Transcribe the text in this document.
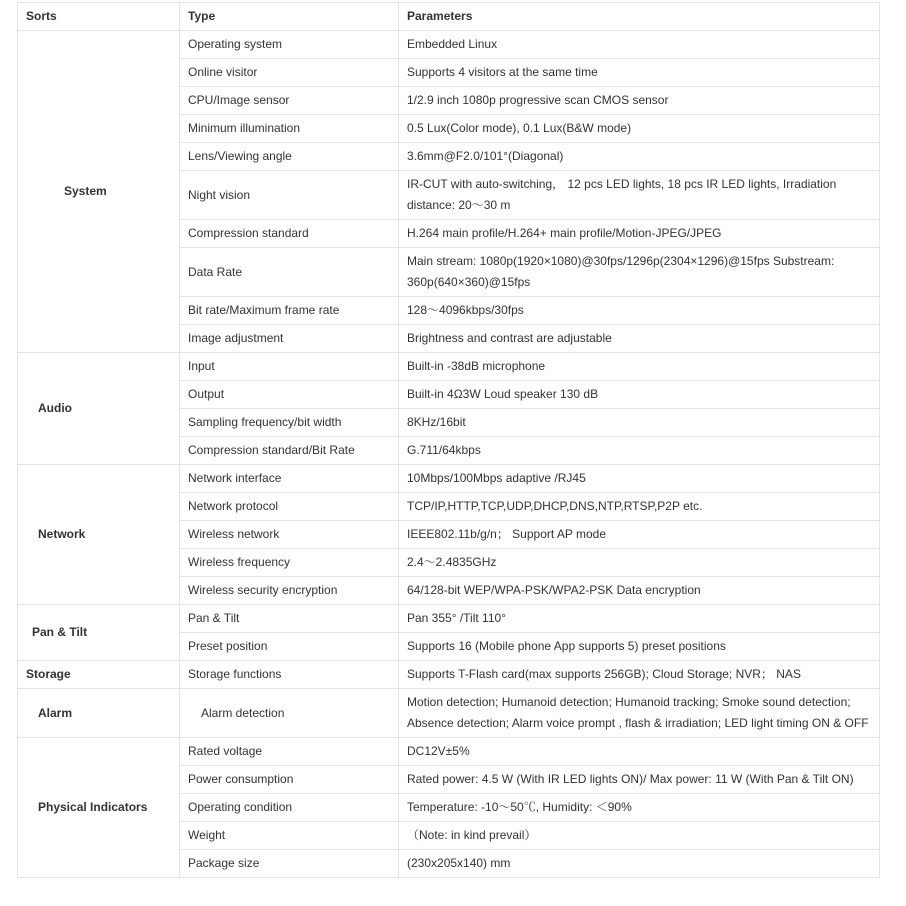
Sorts	Type	Parameters
System	Operating system	Embedded Linux
	Online visitor	Supports 4 visitors at the same time
	CPU/Image sensor	1/2.9 inch 1080p progressive scan CMOS sensor
	Minimum illumination	0.5 Lux(Color mode), 0.1 Lux(B&W mode)
	Lens/Viewing angle	3.6mm@F2.0/101°(Diagonal)
	Night vision	IR-CUT with auto-switching， 12 pcs LED lights, 18 pcs IR LED lights, Irradiation distance: 20～30 m
	Compression standard	H.264 main profile/H.264+ main profile/Motion-JPEG/JPEG
	Data Rate	Main stream: 1080p(1920×1080)@30fps/1296p(2304×1296)@15fps Substream: 360p(640×360)@15fps
	Bit rate/Maximum frame rate	128～4096kbps/30fps
	Image adjustment	Brightness and contrast are adjustable
Audio	Input	Built-in -38dB microphone
	Output	Built-in 4Ω3W Loud speaker 130 dB
	Sampling frequency/bit width	8KHz/16bit
	Compression standard/Bit Rate	G.711/64kbps
Network	Network interface	10Mbps/100Mbps adaptive /RJ45
	Network protocol	TCP/IP,HTTP,TCP,UDP,DHCP,DNS,NTP,RTSP,P2P etc.
	Wireless network	IEEE802.11b/g/n； Support AP mode
	Wireless frequency	2.4～2.4835GHz
	Wireless security encryption	64/128-bit WEP/WPA-PSK/WPA2-PSK Data encryption
Pan & Tilt	Pan & Tilt	Pan 355° /Tilt 110°
	Preset position	Supports 16 (Mobile phone App supports 5) preset positions
Storage	Storage functions	Supports T-Flash card(max supports 256GB); Cloud Storage; NVR； NAS
Alarm	Alarm detection	Motion detection; Humanoid detection; Humanoid tracking; Smoke sound detection; Absence detection; Alarm voice prompt , flash & irradiation; LED light timing ON & OFF
Physical Indicators	Rated voltage	DC12V±5%
	Power consumption	Rated power: 4.5 W (With IR LED lights ON)/ Max power: 11 W (With Pan & Tilt ON)
	Operating condition	Temperature: -10～50℃, Humidity: ＜90%
	Weight	（Note: in kind prevail）
	Package size	(230x205x140) mm
